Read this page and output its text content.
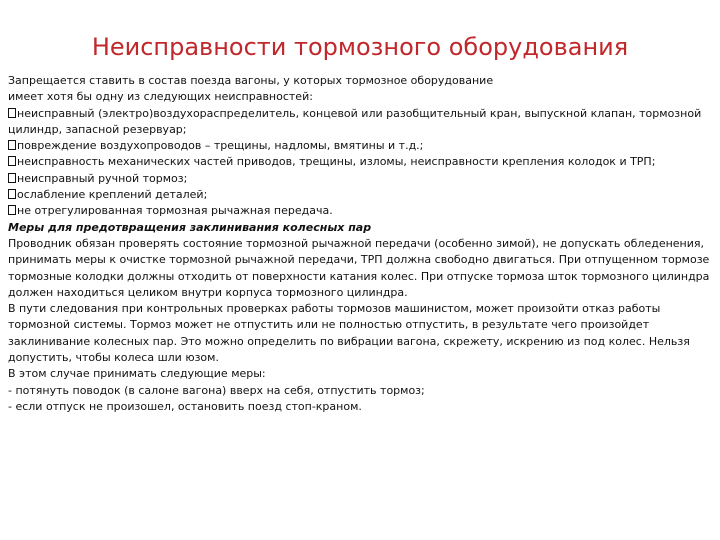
Неисправности тормозного оборудования
Запрещается ставить в состав поезда вагоны, у которых тормозное оборудование
имеет хотя бы одну из следующих неисправностей:
неисправный (электро)воздухораспределитель, концевой или разобщительный кран, выпускной клапан, тормозной
цилиндр, запасной резервуар;
повреждение воздухопроводов – трещины, надломы, вмятины и т.д.;
неисправность механических частей приводов, трещины, изломы, неисправности крепления колодок и ТРП;
неисправный ручной тормоз;
ослабление креплений деталей;
не отрегулированная тормозная рычажная передача.
Меры для предотвращения заклинивания колесных пар
Проводник обязан проверять состояние тормозной рычажной передачи (особенно зимой), не допускать обледенения,
принимать меры к очистке тормозной рычажной передачи, ТРП должна свободно двигаться. При отпущенном тормозе
тормозные колодки должны отходить от поверхности катания колес. При отпуске тормоза шток тормозного цилиндра
должен находиться целиком внутри корпуса тормозного цилиндра.
В пути следования при контрольных проверках работы тормозов машинистом, может произойти отказ работы
тормозной системы. Тормоз может не отпустить или не полностью отпустить, в результате чего произойдет
заклинивание колесных пар. Это можно определить по вибрации вагона, скрежету, искрению из под колес. Нельзя
допустить, чтобы колеса шли юзом.
В этом случае принимать следующие меры:
- потянуть поводок (в салоне вагона) вверх на себя, отпустить тормоз;
- если отпуск не произошел, остановить поезд стоп-краном.
